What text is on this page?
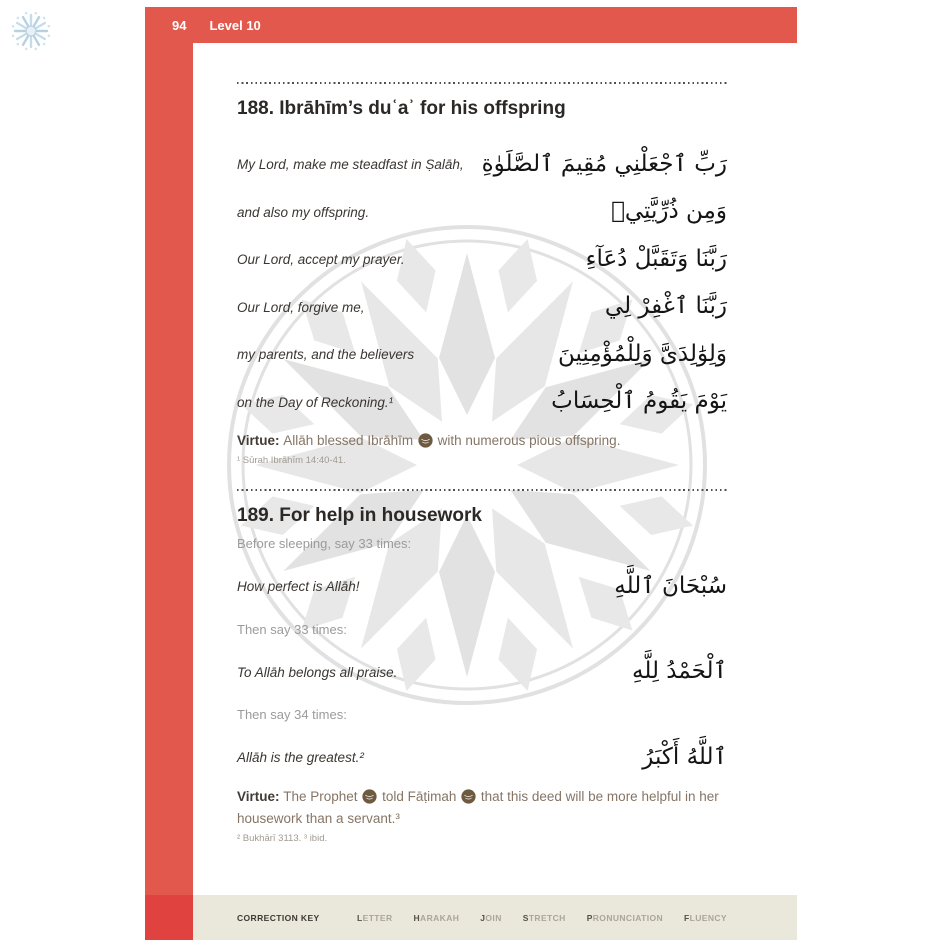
94 Level 10
188. Ibrāhīm’s duʿaʾ for his offspring
My Lord, make me steadfast in Ṣalāh, رَبِّ ٱجْعَلْنِي مُقِيمَ ٱلصَّلَوٰةِ
and also my offspring.	وَمِن ذُرِّيَّتِيۚ
Our Lord, accept my prayer.	رَبَّنَا وَتَقَبَّلْ دُعَآءِ
Our Lord, forgive me,	رَبَّنَا ٱغْفِرْ لِي
my parents, and the believers	وَلِوَٰلِدَىَّ وَلِلْمُؤْمِنِينَ
on the Day of Reckoning.¹	يَوْمَ يَقُومُ ٱلْحِسَابُ
Virtue: Allāh blessed Ibrāhīm  with numerous pious offspring.
¹ Sūrah Ibrāhīm 14:40-41.
189. For help in housework
Before sleeping, say 33 times:
How perfect is Allāh!	سُبْحَانَ ٱللَّهِ
Then say 33 times:
To Allāh belongs all praise.	ٱلْحَمْدُ لِلَّهِ
Then say 34 times:
Allāh is the greatest.²	ٱللَّهُ أَكْبَرُ
Virtue: The Prophet  told Fāṭimah  that this deed will be more helpful in her housework than a servant.³
² Bukhārī 3113. ³ ibid.
CORRECTION KEY	LETTER HARAKAH JOIN STRETCH PRONUNCIATION FLUENCY
